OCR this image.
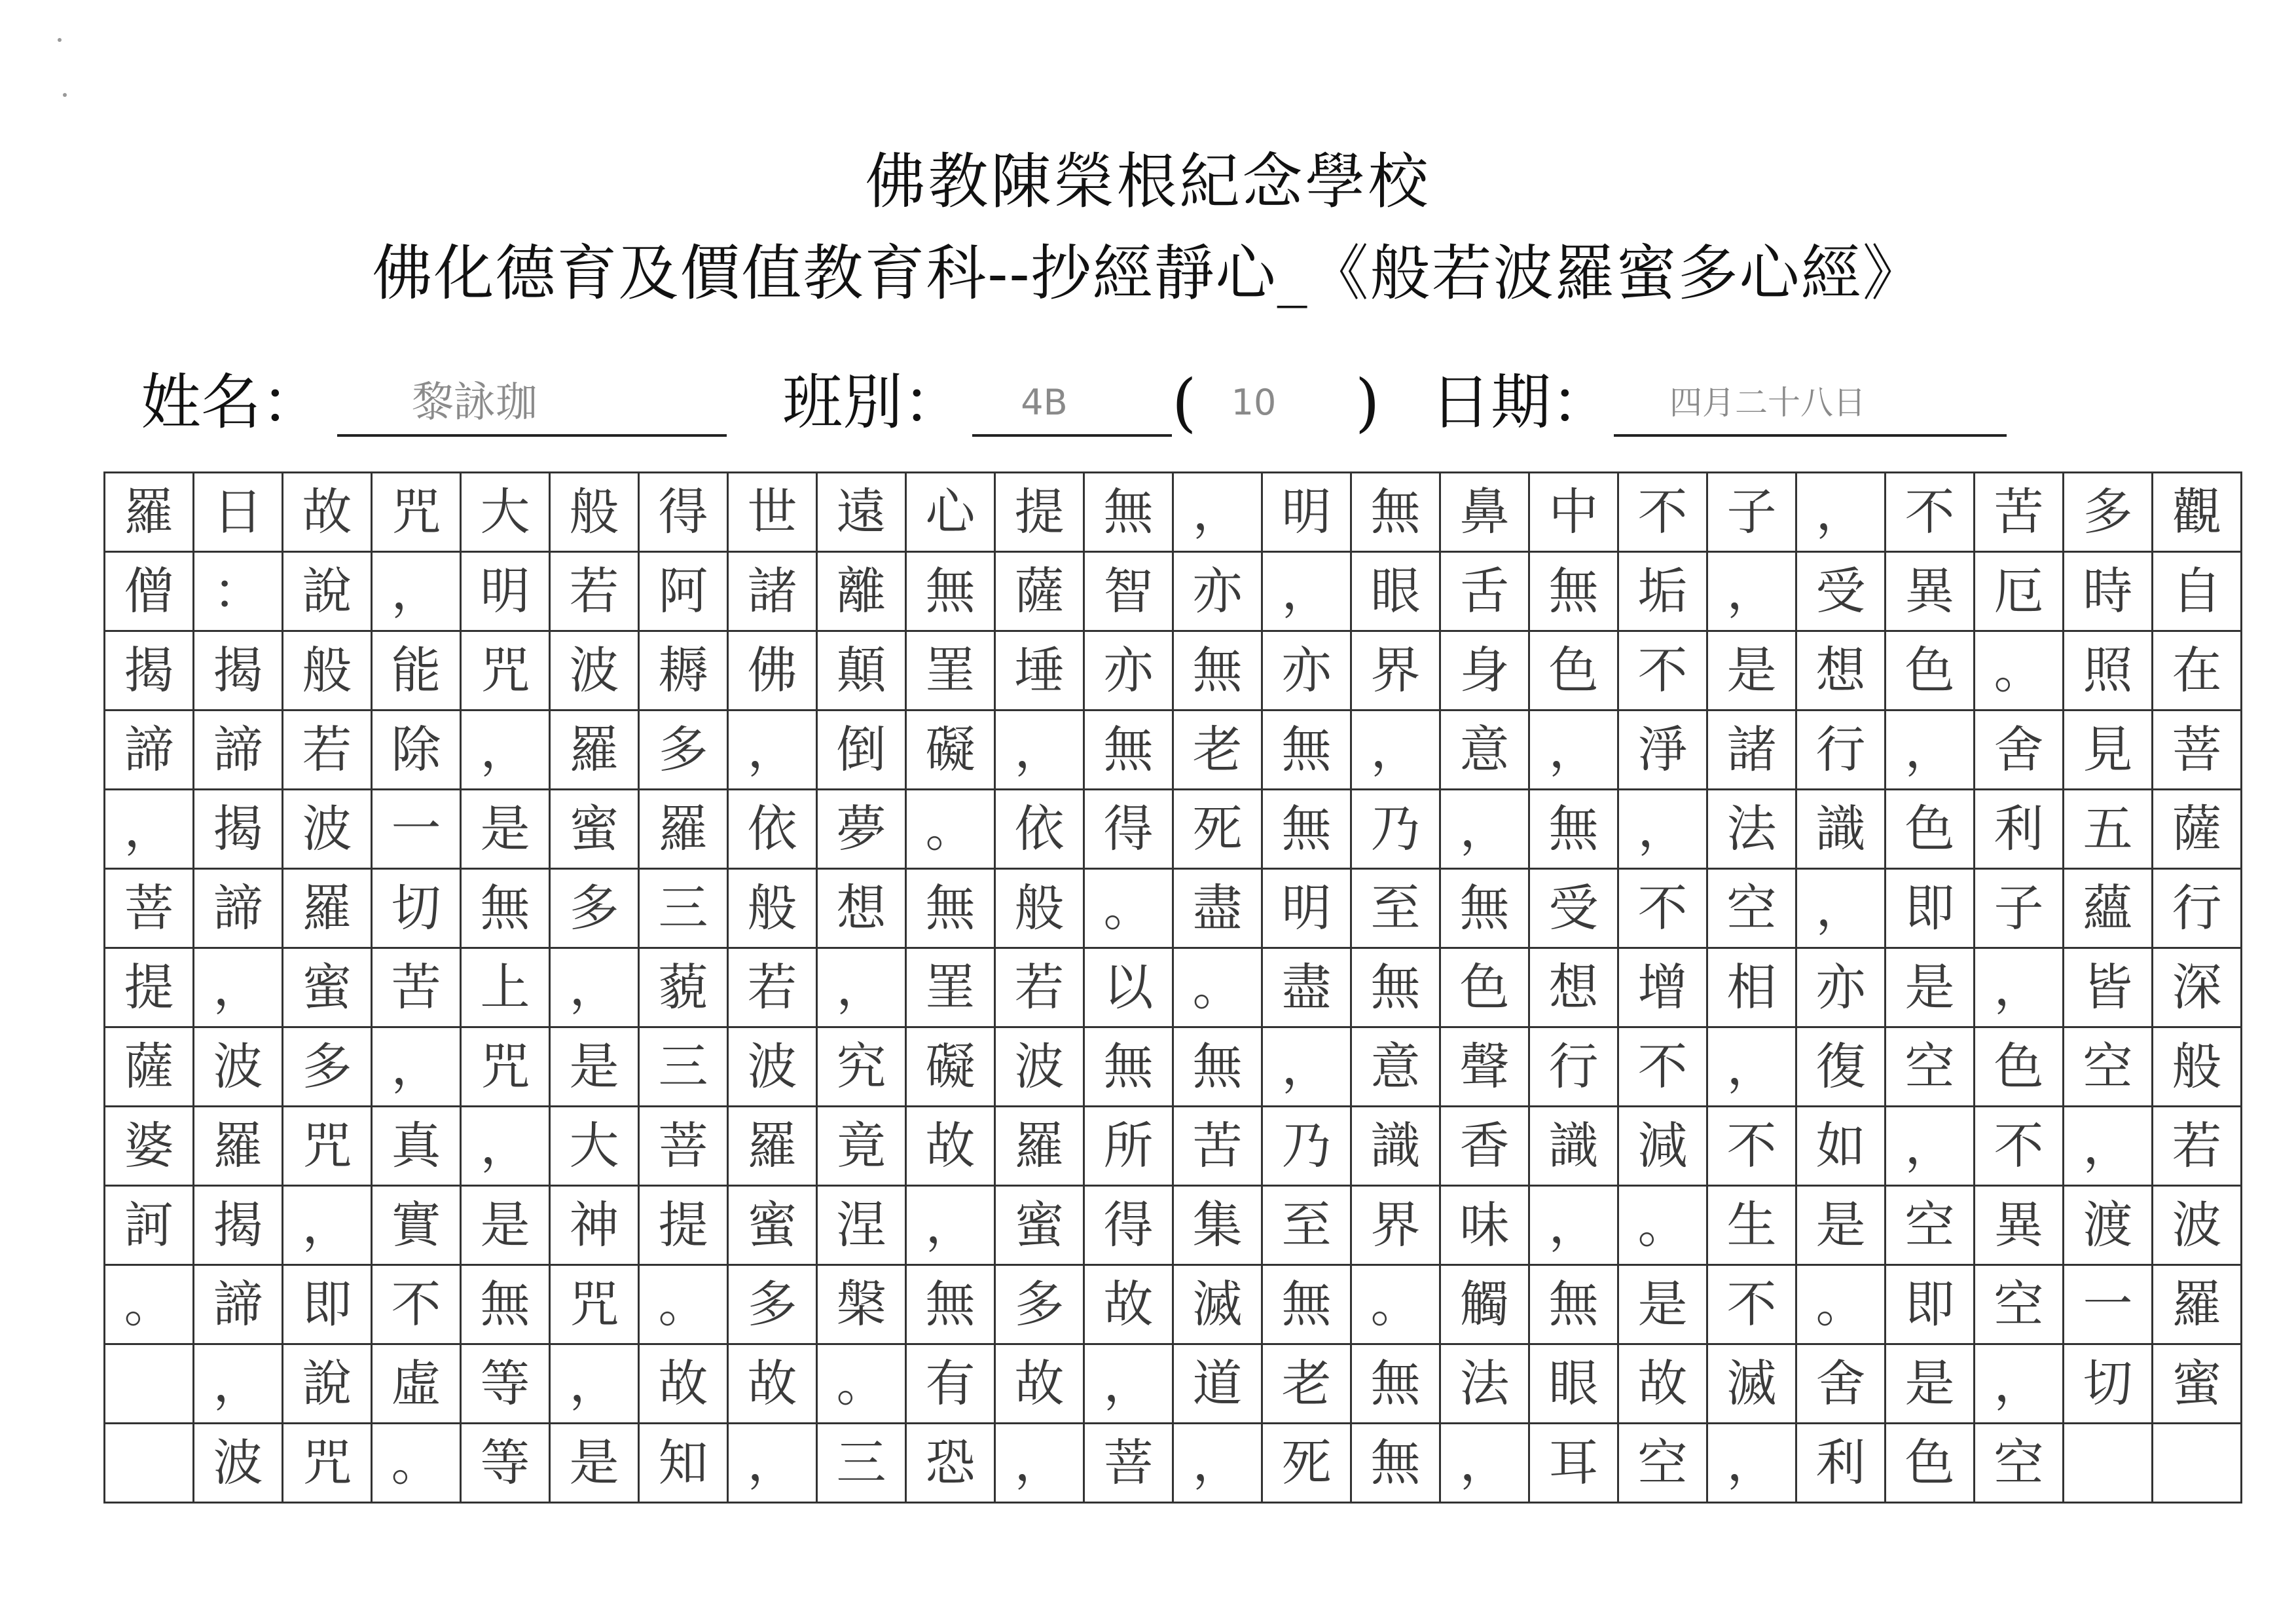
佛教陳榮根紀念學校
佛化德育及價值教育科--抄經靜心_《般若波羅蜜多心經》
姓名：	黎詠珈	班別：	4B	( 10	) 日期：	四月二十八日
羅	日	故	咒	大	般	得	世	遠	心	提	無	，	明	無	鼻	中	不	子	，	不	苦	多	觀
僧	：	說	，	明	若	阿	諸	離	無	薩	智	亦	，	眼	舌	無	垢	，	受	異	厄	時	自
揭	揭	般	能	咒	波	耨	佛	顛	罣	埵	亦	無	亦	界	身	色	不	是	想	色	。	照	在
諦	諦	若	除	，	羅	多	，	倒	礙	，	無	老	無	，	意	，	淨	諸	行	，	舍	見	菩
，	揭	波	一	是	蜜	羅	依	夢	。	依	得	死	無	乃	，	無	，	法	識	色	利	五	薩
菩	諦	羅	切	無	多	三	般	想	無	般	。	盡	明	至	無	受	不	空	，	即	子	蘊	行
提	，	蜜	苦	上	，	藐	若	，	罣	若	以	。	盡	無	色	想	增	相	亦	是	，	皆	深
薩	波	多	，	咒	是	三	波	究	礙	波	無	無	，	意	聲	行	不	，	復	空	色	空	般
婆	羅	咒	真	，	大	菩	羅	竟	故	羅	所	苦	乃	識	香	識	減	不	如	，	不	，	若
訶	揭	，	實	是	神	提	蜜	涅	，	蜜	得	集	至	界	味	，	。	生	是	空	異	渡	波
。	諦	即	不	無	咒	。	多	槃	無	多	故	滅	無	。	觸	無	是	不	。	即	空	一	羅
　	，	說	虛	等	，	故	故	。	有	故	，	道	老	無	法	眼	故	滅	舍	是	，	切	蜜
　	波	咒	。	等	是	知	，	三	恐	，	菩	，	死	無	，	耳	空	，	利	色	空	　	　
